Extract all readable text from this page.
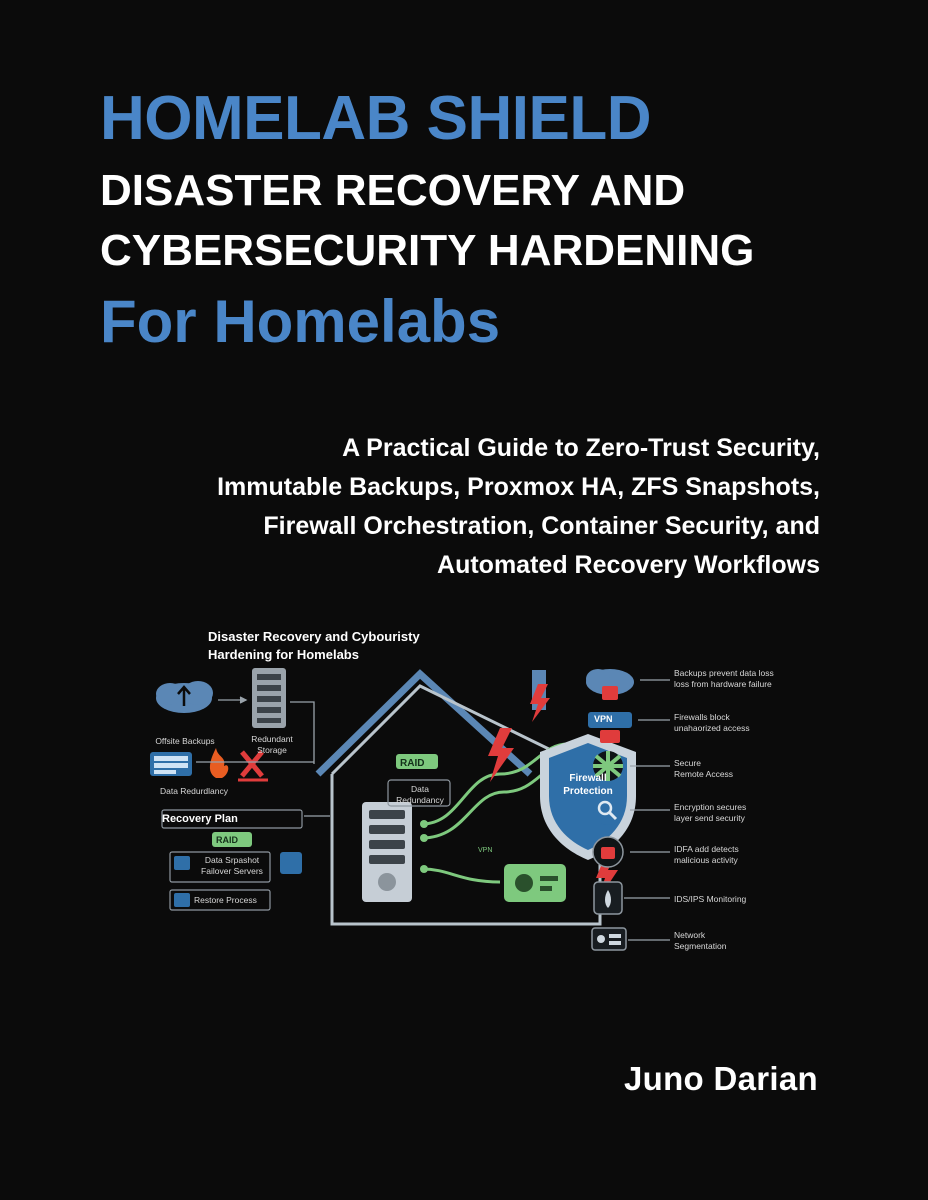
HOMELAB SHIELD
DISASTER RECOVERY AND
CYBERSECURITY HARDENING
For Homelabs
A Practical Guide to Zero-Trust Security,
Immutable Backups, Proxmox HA, ZFS Snapshots,
Firewall Orchestration, Container Security, and
Automated Recovery Workflows
Disaster Recovery and Cybouristy
Hardening for Homelabs
Offsite Backups	Redundant
Storage
Data Redurdlancy
Recovery Plan
Data Srpashot
Failover Servers
Restore Process
RAID
Data
Redundancy
RAID
VPN
Firewall
Protection
Backups prevent data loss
loss from hardware failure
VPN	Firewalls block
unahaorized access
Secure
Remote Access
Encryption secures
layer send security
IDFA add detects
malicious activity
IDS/IPS Monitoring
Network
Segmentation
Juno Darian
